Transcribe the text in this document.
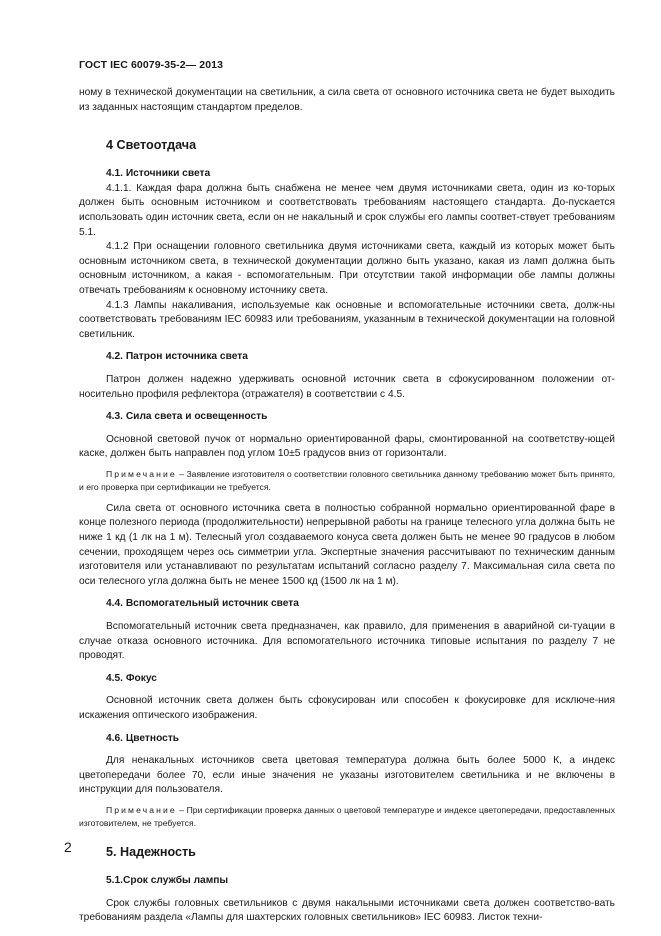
ГОСТ IEC 60079-35-2— 2013

ному в технической документации на светильник, а сила света от основного источника света не будет выходить из заданных настоящим стандартом пределов.

4 Светоотдача

4.1. Источники света

4.1.1. Каждая фара должна быть снабжена не менее чем двумя источниками света, один из ко-торых должен быть основным источником и соответствовать требованиям настоящего стандарта. До-пускается использовать один источник света, если он не накальный и срок службы его лампы соответ-ствует требованиям 5.1.

4.1.2 При оснащении головного светильника двумя источниками света, каждый из которых может быть основным источником света, в технической документации должно быть указано, какая из ламп должна быть основным источником, а какая - вспомогательным. При отсутствии такой информации обе лампы должны отвечать требованиям к основному источнику света.

4.1.3 Лампы накаливания, используемые как основные и вспомогательные источники света, долж-ны соответствовать требованиям IEC 60983 или требованиям, указанным в технической документации на головной светильник.

4.2. Патрон источника света

Патрон должен надежно удерживать основной источник света в сфокусированном положении от-носительно профиля рефлектора (отражателя) в соответствии с 4.5.

4.3. Сила света и освещенность

Основной световой пучок от нормально ориентированной фары, смонтированной на соответству-ющей каске, должен быть направлен под углом 10±5 градусов вниз от горизонтали.

Примечание – Заявление изготовителя о соответствии головного светильника данному требованию может быть принято, и его проверка при сертификации не требуется.

Сила света от основного источника света в полностью собранной нормально ориентированной фаре в конце полезного периода (продолжительности) непрерывной работы на границе телесного угла должна быть не ниже 1 кд (1 лк на 1 м). Телесный угол создаваемого конуса света должен быть не менее 90 градусов в любом сечении, проходящем через ось симметрии угла. Экспертные значения рассчитывают по техническим данным изготовителя или устанавливают по результатам испытаний согласно разделу 7. Максимальная сила света по оси телесного угла должна быть не менее 1500 кд (1500 лк на 1 м).

4.4. Вспомогательный источник света

Вспомогательный источник света предназначен, как правило, для применения в аварийной си-туации в случае отказа основного источника. Для вспомогательного источника типовые испытания по разделу 7 не проводят.

4.5. Фокус

Основной источник света должен быть сфокусирован или способен к фокусировке для исключе-ния искажения оптического изображения.

4.6. Цветность

Для ненакальных источников света цветовая температура должна быть более 5000 К, а индекс цветопередачи более 70, если иные значения не указаны изготовителем светильника и не включены в инструкции для пользователя.

Примечание – При сертификации проверка данных о цветовой температуре и индексе цветопередачи, предоставленных изготовителем, не требуется.

5. Надежность

5.1.Срок службы лампы

Срок службы головных светильников с двумя накальными источниками света должен соответство-вать требованиям раздела «Лампы для шахтерских головных светильников» IEC 60983. Листок техни-

2
